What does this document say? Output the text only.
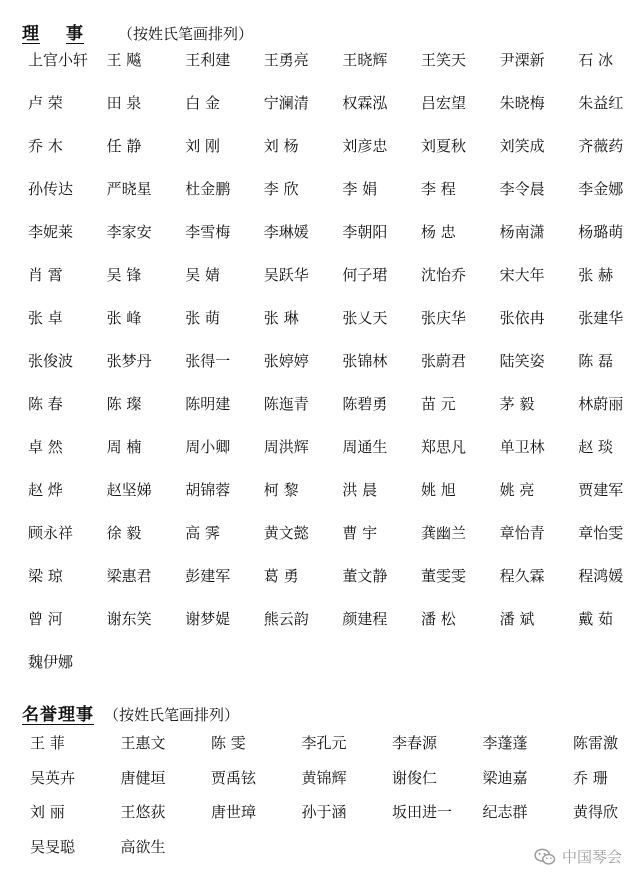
理 事 （按姓氏笔画排列）
上官小轩 王 飚	王利建 王勇亮 王晓辉 王笑天 尹溧新 石 冰
卢 荣	田 泉	白 金	宁澜清 权霖泓 吕宏望 朱晓梅 朱益红
乔 木	任 静	刘 刚	刘 杨	刘彦忠 刘夏秋 刘笑成 齐薇药
孙传达 严晓星 杜金鹏 李 欣	李 娟	李 程	李令晨 李金娜
李妮莱 李家安 李雪梅 李琳媛 李朝阳 杨 忠	杨南潇 杨璐萌
肖 霄	吴 锋	吴 婧	吴跃华 何子珺 沈怡乔 宋大年 张 赫
张 卓	张 峰	张 萌	张 琳	张乂天 张庆华 张依冉 张建华
张俊波 张梦丹 张得一 张婷婷 张锦林 张蔚君 陆笑姿 陈 磊
陈 春	陈 璨	陈明建 陈迤青 陈碧勇 苗 元	茅 毅	林蔚丽
卓 然	周 楠	周小卿 周洪辉 周通生 郑思凡 单卫林 赵 琰
赵 烨	赵坚娣 胡锦蓉 柯 黎	洪 晨	姚 旭	姚 亮	贾建军
顾永祥 徐 毅	高 霁	黄文懿 曹 宇	龚幽兰 章怡青 章怡雯
梁 琼	梁惠君 彭建军 葛 勇	董文静 董雯雯 程久霖 程鸿媛
曾 河	谢东笑 谢梦媞 熊云韵 颜建程 潘 松	潘 斌	戴 茹
魏伊娜
名誉理事 （按姓氏笔画排列）
王 菲	王惠文	陈 雯	李孔元	李春源	李蓬蓬	陈雷激
吴英卉	唐健垣	贾禹铉	黄锦辉	谢俊仁	梁迪嘉	乔 珊
刘 丽	王悠荻	唐世璋	孙于涵	坂田进一 纪志群	黄得欣
吴旻聪	高欲生
中国琴会
